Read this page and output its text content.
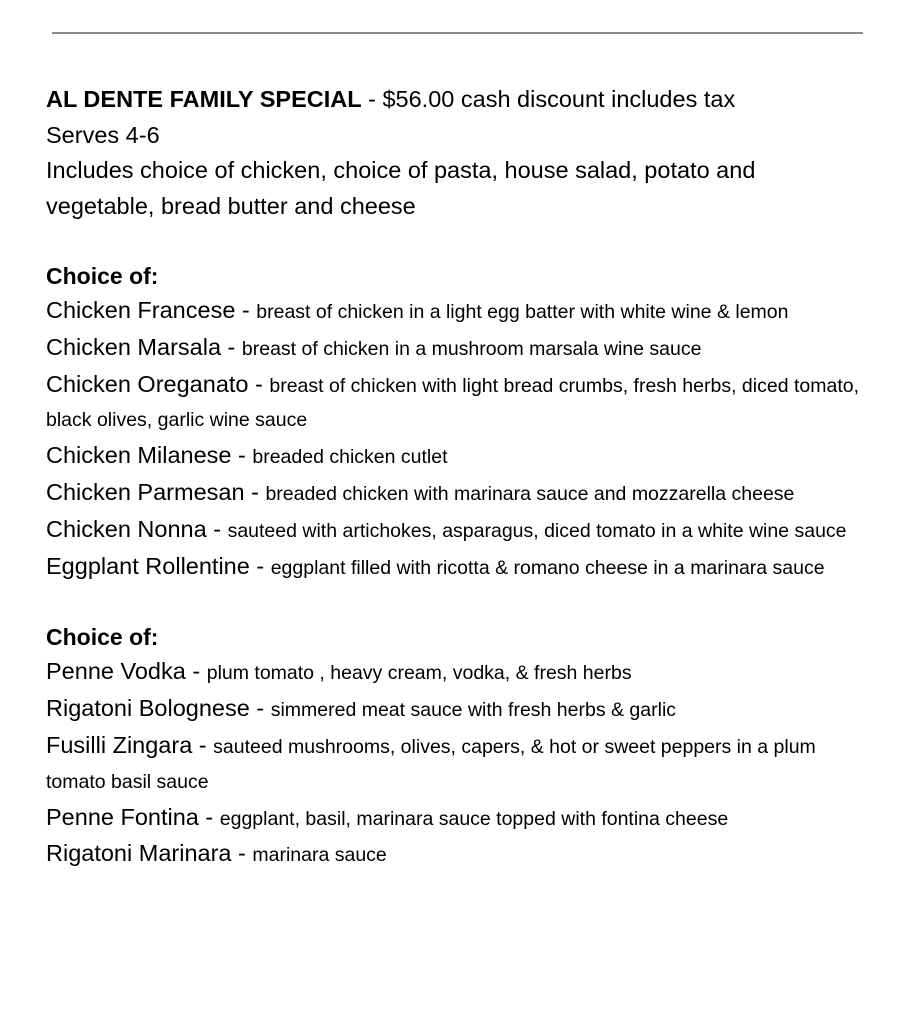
AL DENTE FAMILY SPECIAL - $56.00 cash discount includes tax
Serves 4-6
Includes choice of chicken, choice of pasta, house salad, potato and vegetable, bread butter and cheese
Choice of:
Chicken Francese - breast of chicken in a light egg batter with white wine & lemon
Chicken Marsala - breast of chicken in a mushroom marsala wine sauce
Chicken Oreganato - breast of chicken with light bread crumbs, fresh herbs, diced tomato, black olives, garlic wine sauce
Chicken Milanese - breaded chicken cutlet
Chicken Parmesan - breaded chicken with marinara sauce and mozzarella cheese
Chicken Nonna - sauteed with artichokes, asparagus, diced tomato in a white wine sauce
Eggplant Rollentine - eggplant filled with ricotta & romano cheese in a marinara sauce
Choice of:
Penne Vodka - plum tomato , heavy cream, vodka, & fresh herbs
Rigatoni Bolognese - simmered meat sauce with fresh herbs & garlic
Fusilli Zingara - sauteed mushrooms, olives, capers, & hot or sweet peppers in a plum tomato basil sauce
Penne Fontina - eggplant, basil, marinara sauce topped with fontina cheese
Rigatoni Marinara - marinara sauce
